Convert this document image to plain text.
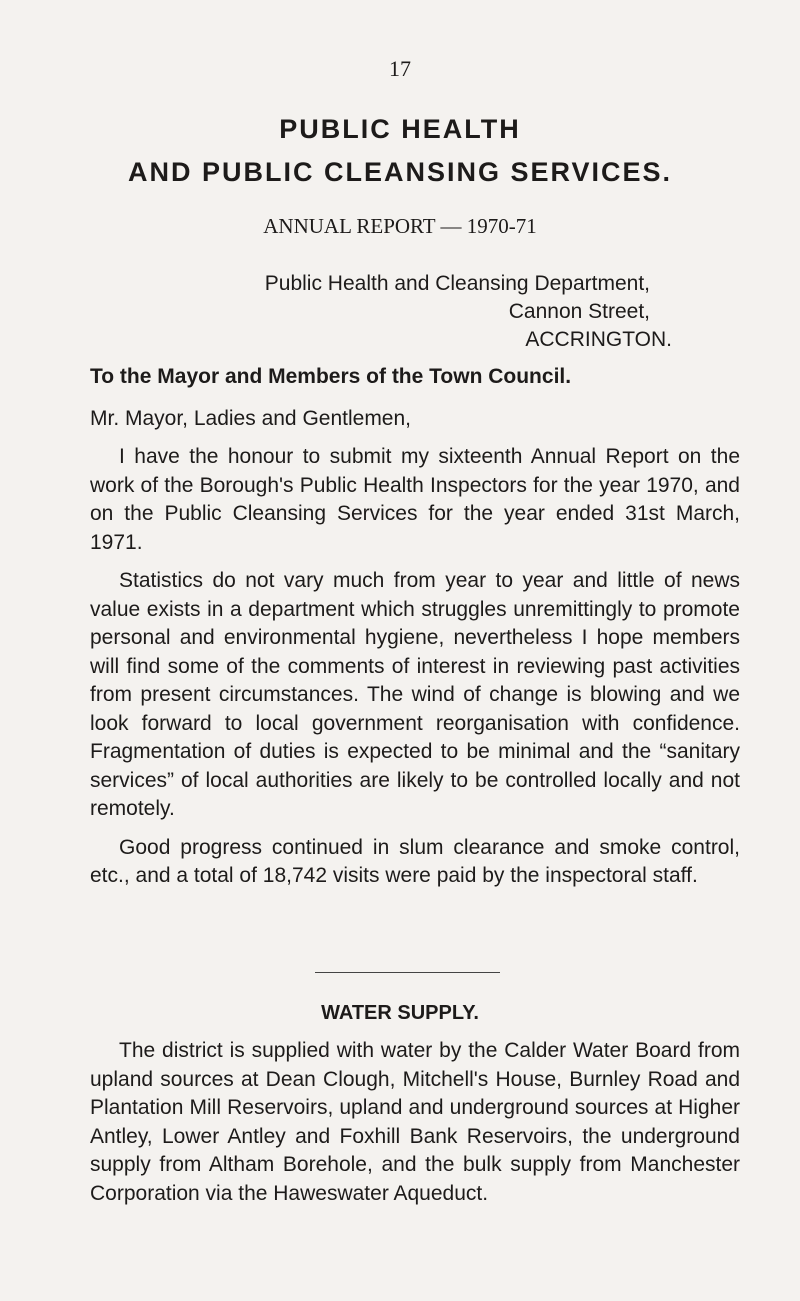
17
PUBLIC HEALTH
AND PUBLIC CLEANSING SERVICES.
ANNUAL REPORT — 1970-71
Public Health and Cleansing Department,
Cannon Street,
ACCRINGTON.
To the Mayor and Members of the Town Council.
Mr. Mayor, Ladies and Gentlemen,

I have the honour to submit my sixteenth Annual Report on the work of the Borough's Public Health Inspectors for the year 1970, and on the Public Cleansing Services for the year ended 31st March, 1971.

Statistics do not vary much from year to year and little of news value exists in a department which struggles unremittingly to promote personal and environmental hygiene, nevertheless I hope members will find some of the comments of interest in reviewing past activities from present circumstances. The wind of change is blowing and we look forward to local government reorganisation with confidence. Fragmentation of duties is expected to be minimal and the “sanitary services” of local authorities are likely to be controlled locally and not remotely.

Good progress continued in slum clearance and smoke control, etc., and a total of 18,742 visits were paid by the inspectoral staff.

WATER SUPPLY.

The district is supplied with water by the Calder Water Board from upland sources at Dean Clough, Mitchell's House, Burnley Road and Plantation Mill Reservoirs, upland and underground sources at Higher Antley, Lower Antley and Foxhill Bank Reservoirs, the underground supply from Altham Borehole, and the bulk supply from Manchester Corporation via the Haweswater Aqueduct.
